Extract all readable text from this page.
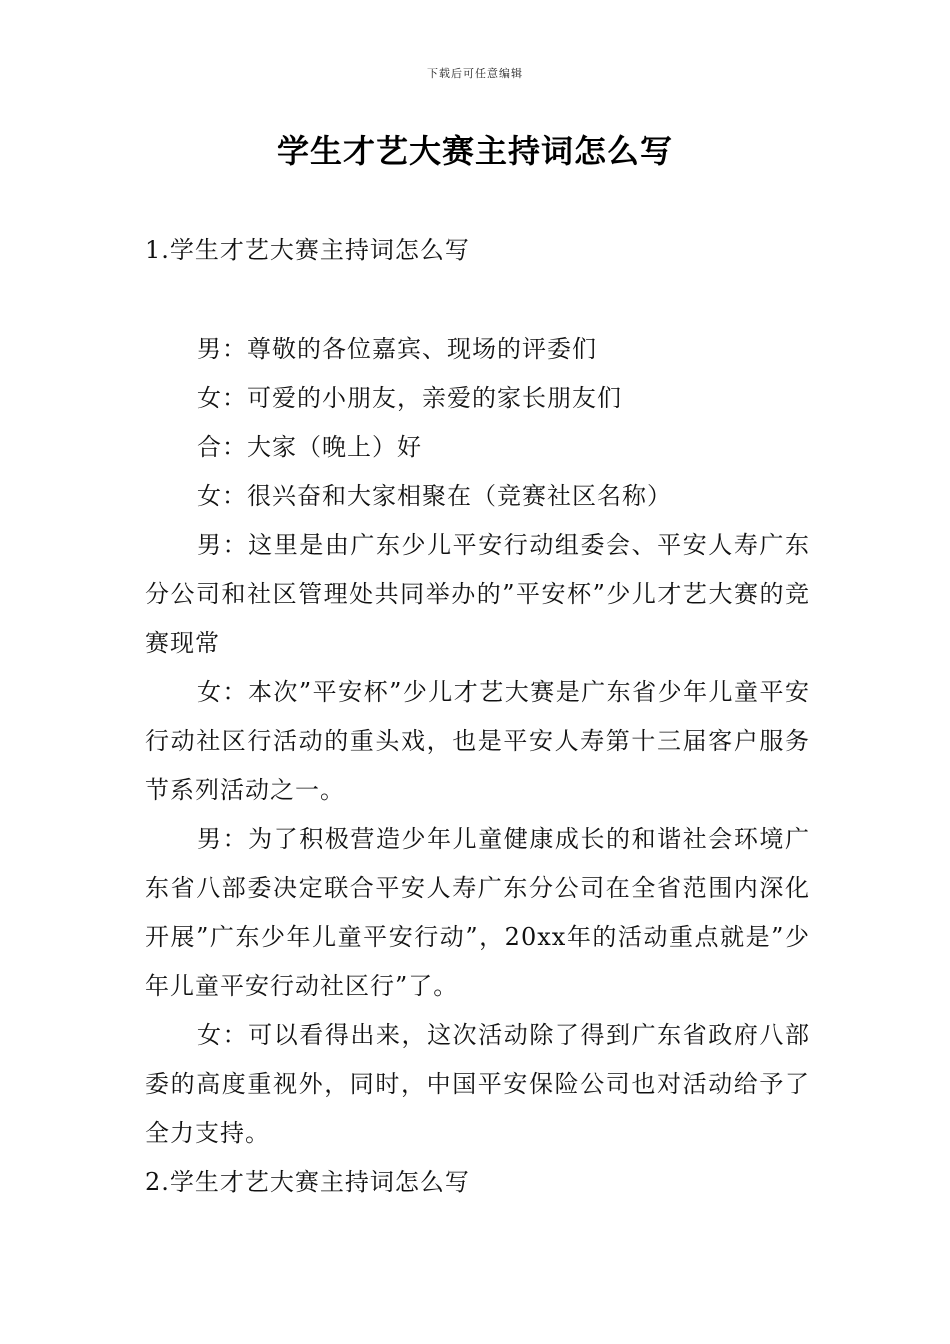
下载后可任意编辑
学生才艺大赛主持词怎么写
1.学生才艺大赛主持词怎么写

男：尊敬的各位嘉宾、现场的评委们

女：可爱的小朋友，亲爱的家长朋友们

合：大家（晚上）好

女：很兴奋和大家相聚在（竞赛社区名称）

男：这里是由广东少儿平安行动组委会、平安人寿广东分公司和社区管理处共同举办的”平安杯”少儿才艺大赛的竞赛现常

女：本次”平安杯”少儿才艺大赛是广东省少年儿童平安行动社区行活动的重头戏，也是平安人寿第十三届客户服务节系列活动之一。

男：为了积极营造少年儿童健康成长的和谐社会环境广东省八部委决定联合平安人寿广东分公司在全省范围内深化开展”广东少年儿童平安行动”，20xx年的活动重点就是”少年儿童平安行动社区行”了。

女：可以看得出来，这次活动除了得到广东省政府八部委的高度重视外，同时，中国平安保险公司也对活动给予了全力支持。

2.学生才艺大赛主持词怎么写
